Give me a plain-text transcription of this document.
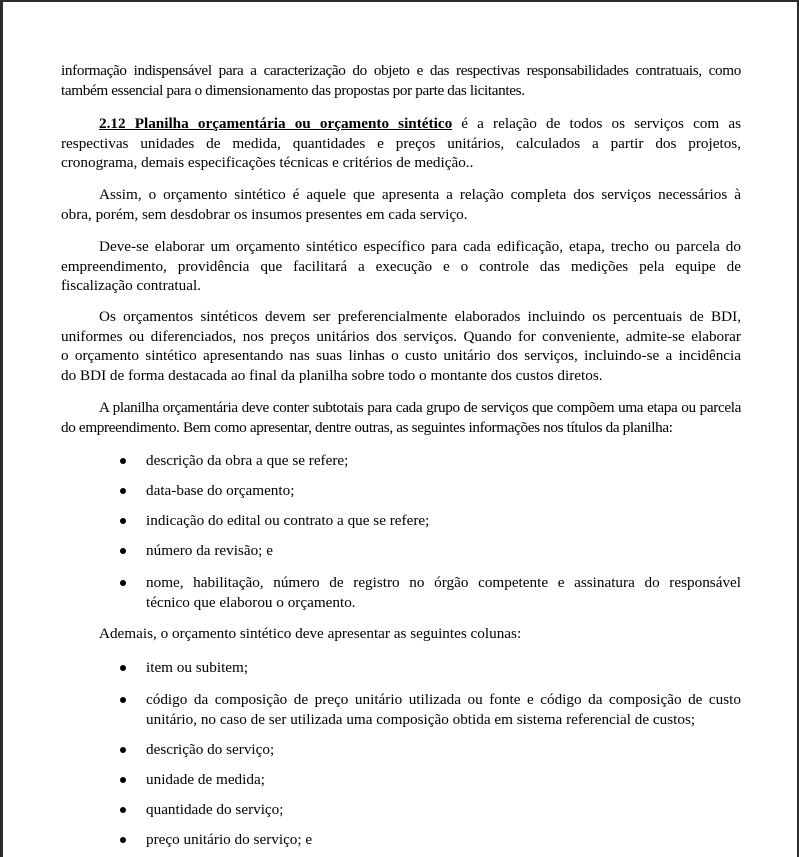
informação indispensável para a caracterização do objeto e das respectivas responsabilidades contratuais, como
também essencial para o dimensionamento das propostas por parte das licitantes.

2.12 Planilha orçamentária ou orçamento sintético é a relação de todos os serviços com as
respectivas unidades de medida, quantidades e preços unitários, calculados a partir dos projetos,
cronograma, demais especificações técnicas e critérios de medição..

Assim, o orçamento sintético é aquele que apresenta a relação completa dos serviços necessários à
obra, porém, sem desdobrar os insumos presentes em cada serviço.

Deve-se elaborar um orçamento sintético específico para cada edificação, etapa, trecho ou parcela do
empreendimento, providência que facilitará a execução e o controle das medições pela equipe de
fiscalização contratual.

Os orçamentos sintéticos devem ser preferencialmente elaborados incluindo os percentuais de BDI,
uniformes ou diferenciados, nos preços unitários dos serviços. Quando for conveniente, admite-se elaborar
o orçamento sintético apresentando nas suas linhas o custo unitário dos serviços, incluindo-se a incidência
do BDI de forma destacada ao final da planilha sobre todo o montante dos custos diretos.

A planilha orçamentária deve conter subtotais para cada grupo de serviços que compõem uma etapa ou parcela
do empreendimento. Bem como apresentar, dentre outras, as seguintes informações nos títulos da planilha:

descrição da obra a que se refere;
data-base do orçamento;
indicação do edital ou contrato a que se refere;
número da revisão; e
nome, habilitação, número de registro no órgão competente e assinatura do responsável
técnico que elaborou o orçamento.

Ademais, o orçamento sintético deve apresentar as seguintes colunas:

item ou subitem;
código da composição de preço unitário utilizada ou fonte e código da composição de custo
unitário, no caso de ser utilizada uma composição obtida em sistema referencial de custos;
descrição do serviço;
unidade de medida;
quantidade do serviço;
preço unitário do serviço; e
